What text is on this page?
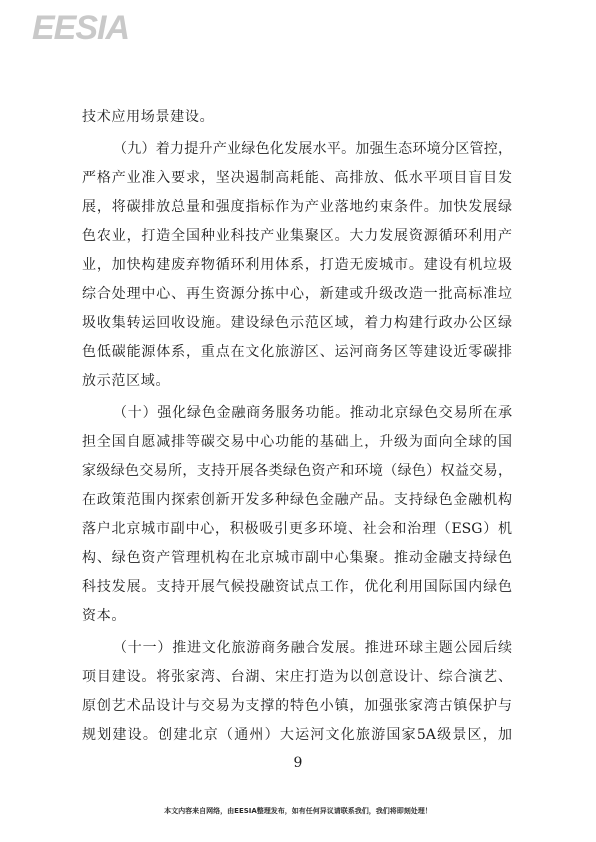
EESIA
技术应用场景建设。
（九）着力提升产业绿色化发展水平。加强生态环境分区管控，
严格产业准入要求，坚决遏制高耗能、高排放、低水平项目盲目发
展，将碳排放总量和强度指标作为产业落地约束条件。加快发展绿
色农业，打造全国种业科技产业集聚区。大力发展资源循环利用产
业，加快构建废弃物循环利用体系，打造无废城市。建设有机垃圾
综合处理中心、再生资源分拣中心，新建或升级改造一批高标准垃
圾收集转运回收设施。建设绿色示范区域，着力构建行政办公区绿
色低碳能源体系，重点在文化旅游区、运河商务区等建设近零碳排
放示范区域。
（十）强化绿色金融商务服务功能。推动北京绿色交易所在承
担全国自愿减排等碳交易中心功能的基础上，升级为面向全球的国
家级绿色交易所，支持开展各类绿色资产和环境（绿色）权益交易，
在政策范围内探索创新开发多种绿色金融产品。支持绿色金融机构
落户北京城市副中心，积极吸引更多环境、社会和治理（ESG）机
构、绿色资产管理机构在北京城市副中心集聚。推动金融支持绿色
科技发展。支持开展气候投融资试点工作，优化利用国际国内绿色
资本。
（十一）推进文化旅游商务融合发展。推进环球主题公园后续
项目建设。将张家湾、台湖、宋庄打造为以创意设计、综合演艺、
原创艺术品设计与交易为支撑的特色小镇，加强张家湾古镇保护与
规划建设。创建北京（通州）大运河文化旅游国家5A级景区，加
9
本文内容来自网络，由EESIA整理发布，如有任何异议请联系我们，我们将即刻处理！
